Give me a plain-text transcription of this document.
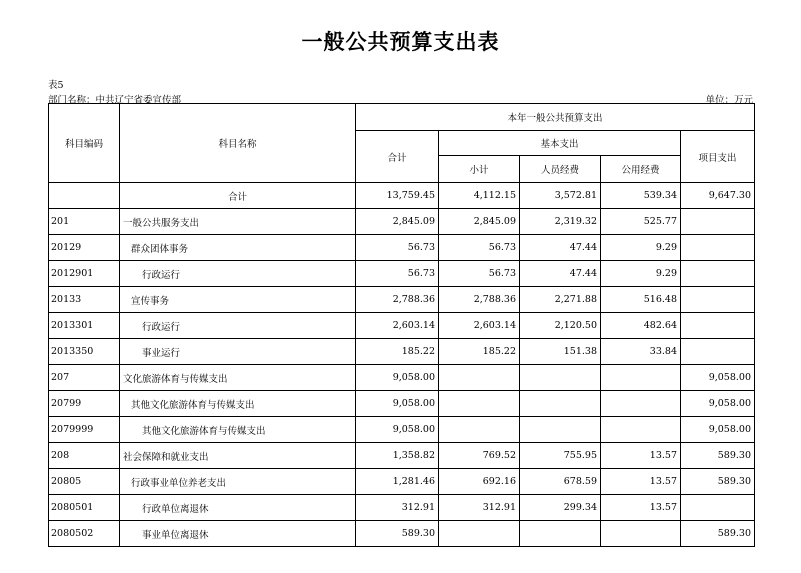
一般公共预算支出表
表5
部门名称：中共辽宁省委宣传部	单位：万元
科目编码	科目名称	本年一般公共预算支出				
		合计	基本支出			项目支出
			小计	人员经费	公用经费	
	合计	13,759.45	4,112.15	3,572.81	539.34	9,647.30
201	一般公共服务支出	2,845.09	2,845.09	2,319.32	525.77	
20129	群众团体事务	56.73	56.73	47.44	9.29	
2012901	行政运行	56.73	56.73	47.44	9.29	
20133	宣传事务	2,788.36	2,788.36	2,271.88	516.48	
2013301	行政运行	2,603.14	2,603.14	2,120.50	482.64	
2013350	事业运行	185.22	185.22	151.38	33.84	
207	文化旅游体育与传媒支出	9,058.00				9,058.00
20799	其他文化旅游体育与传媒支出	9,058.00				9,058.00
2079999	其他文化旅游体育与传媒支出	9,058.00				9,058.00
208	社会保障和就业支出	1,358.82	769.52	755.95	13.57	589.30
20805	行政事业单位养老支出	1,281.46	692.16	678.59	13.57	589.30
2080501	行政单位离退休	312.91	312.91	299.34	13.57	
2080502	事业单位离退休	589.30				589.30
